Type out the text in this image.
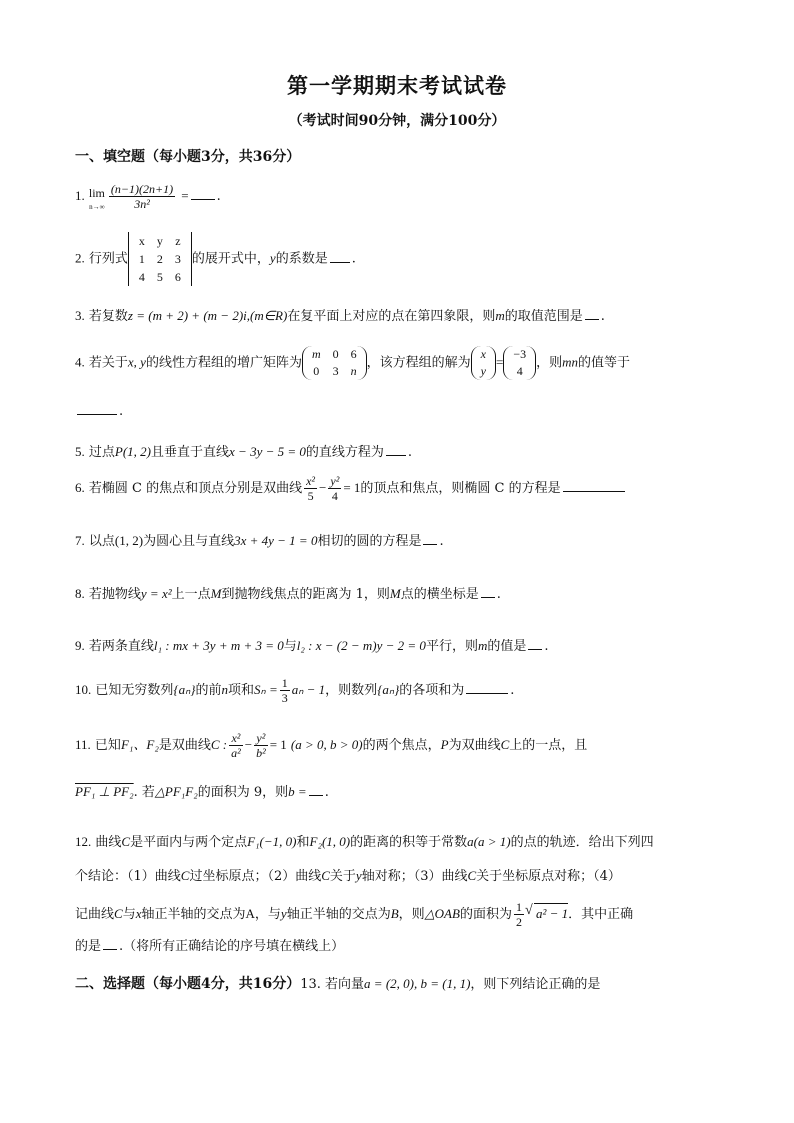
第一学期期末考试试卷
（考试时间90分钟，满分100分）
一、填空题（每小题3分，共36分）
1. lim
$n\to\infty \frac{(n-1)(2n+1)}{\text{3n²}}$ = .
2. 行列式
x	y	z
1	2	3
4	5	6
的展开式中，y的系数是 .
3. 若复数z = (m + 2) + (m − 2)i,(m∈R)在复平面上对应的点在第四象限，则m的取值范围是 .
4. 若关于x, y的线性方程组的增广矩阵为
m	0	6
0	3	n
，该方程组的解为
x
y
=
−3
4
，则mn的值等于
.
5. 过点P(1, 2)且垂直于直线x − 3y − 5 = 0的直线方程为 .
6. 若椭圆 C 的焦点和顶点分别是双曲线 $\frac{\text{x²}}{5} - \frac{\text{y²}}{4} = 1$的顶点和焦点，则椭圆 C 的方程是
7. 以点(1, 2)为圆心且与直线3x + 4y − 1 = 0相切的圆的方程是 .
8. 若抛物线y = x²上一点M到抛物线焦点的距离为 1，则M点的横坐标是 .
9. 若两条直线l₁ : mx + 3y + m + 3 = 0与l₂ : x − (2 − m)y − 2 = 0平行，则m的值是 .
10. 已知无穷数列{aₙ}的前n项和$S_n = \frac{1}{3}$ aₙ − 1，则数列{aₙ}的各项和为	.
11. 已知F₁、F₂是双曲线C : $\frac{\text{x²}}{\text{a²}} - \frac{\text{y²}}{\text{b²}} = 1$ (a > 0, b > 0)的两个焦点，P为双曲线C上的一点，且
PF₁ ⊥ PF₂. 若△PF₁F₂的面积为 9，则b = .
12. 曲线C是平面内与两个定点F₁(−1, 0)和F₂(1, 0)的距离的积等于常数a(a > 1)的点的轨迹．给出下列四
个结论：（1）曲线C过坐标原点；（2）曲线C关于y轴对称；（3）曲线C关于坐标原点对称；（4）
记曲线C与x轴正半轴的交点为A，与y轴正半轴的交点为B，则△OAB的面积为 $\frac{1}{2}$ √ a² − 1．其中正确
的是 .（将所有正确结论的序号填在横线上）
二、选择题（每小题4分，共16分）13. 若向量a = (2, 0), b = (1, 1)，则下列结论正确的是
